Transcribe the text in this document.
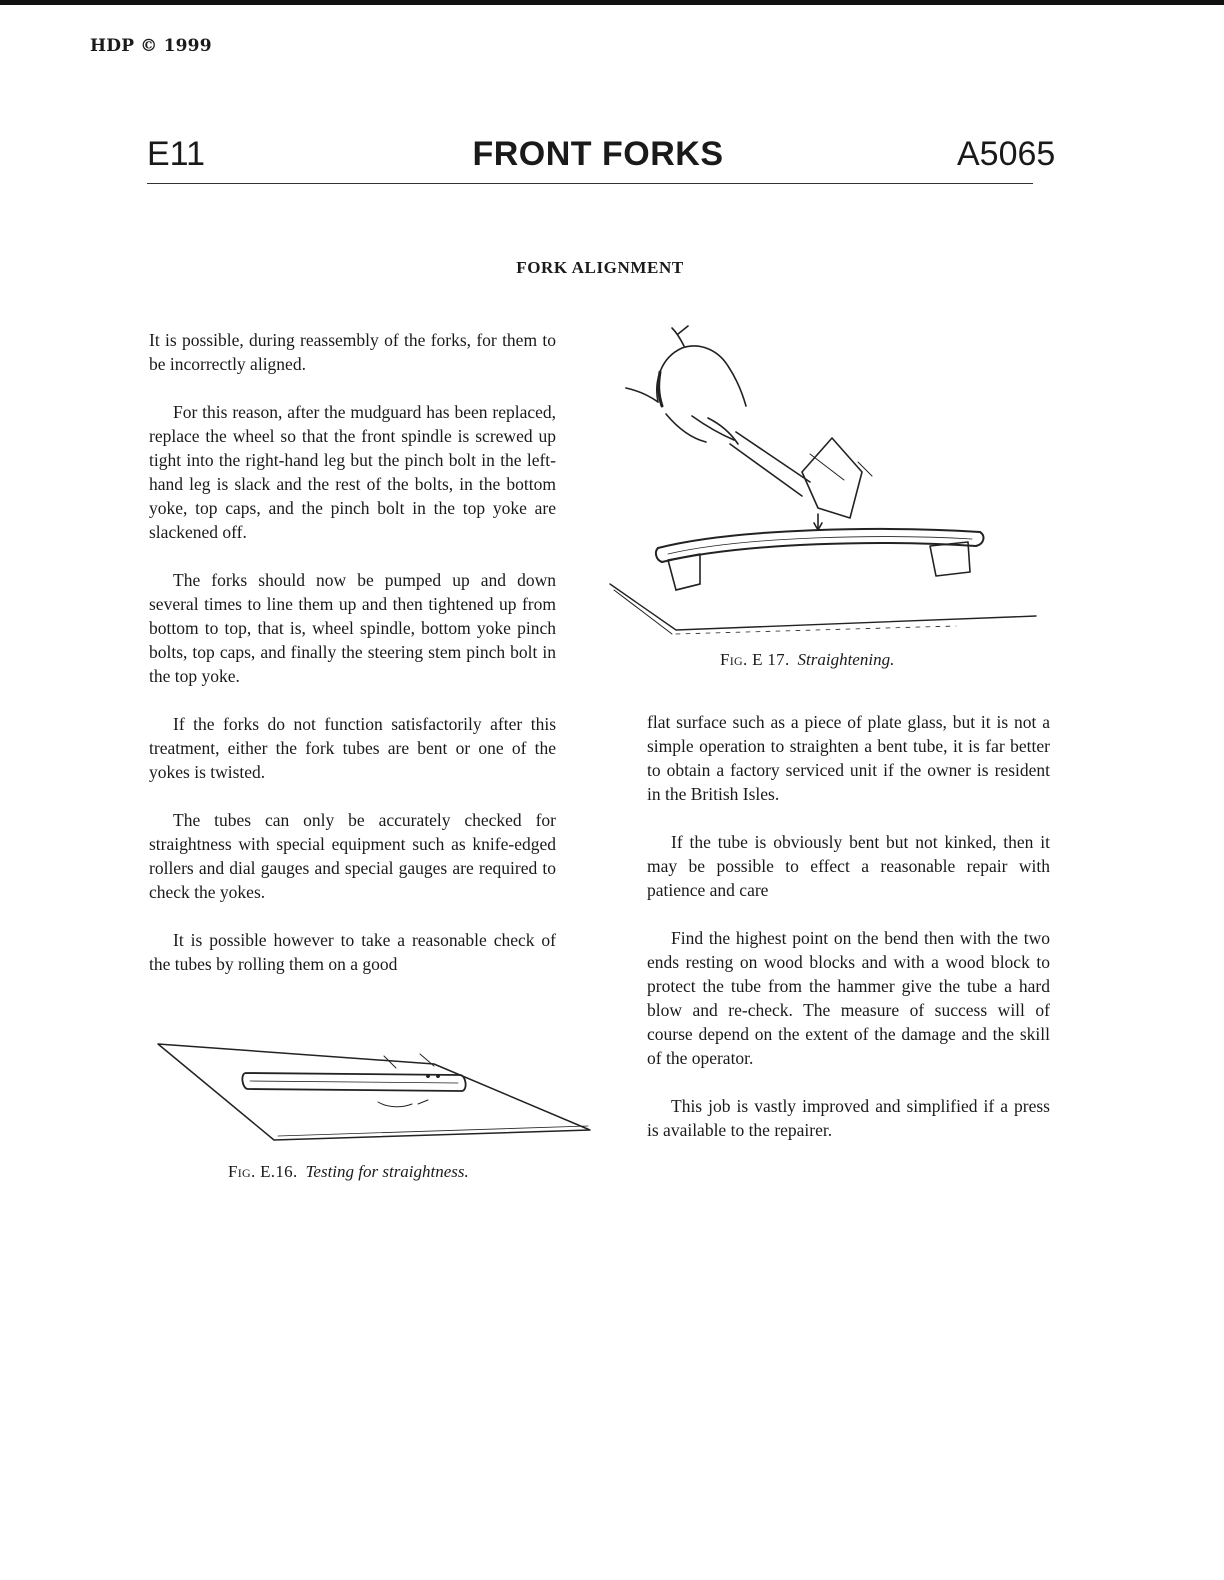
HDP © 1999
E11	FRONT FORKS	A5065
FORK ALIGNMENT

It is possible, during reassembly of the forks, for them to be incorrectly aligned.

For this reason, after the mudguard has been replaced, replace the wheel so that the front spindle is screwed up tight into the right-hand leg but the pinch bolt in the left-hand leg is slack and the rest of the bolts, in the bottom yoke, top caps, and the pinch bolt in the top yoke are slackened off.

The forks should now be pumped up and down several times to line them up and then tightened up from bottom to top, that is, wheel spindle, bottom yoke pinch bolts, top caps, and finally the steering stem pinch bolt in the top yoke.

If the forks do not function satisfactorily after this treatment, either the fork tubes are bent or one of the yokes is twisted.

The tubes can only be accurately checked for straightness with special equipment such as knife-edged rollers and dial gauges and special gauges are required to check the yokes.

It is possible however to take a reasonable check of the tubes by rolling them on a good

flat surface such as a piece of plate glass, but it is not a simple operation to straighten a bent tube, it is far better to obtain a factory serviced unit if the owner is resident in the British Isles.

If the tube is obviously bent but not kinked, then it may be possible to effect a reasonable repair with patience and care

Find the highest point on the bend then with the two ends resting on wood blocks and with a wood block to protect the tube from the hammer give the tube a hard blow and re-check. The measure of success will of course depend on the extent of the damage and the skill of the operator.

This job is vastly improved and simplified if a press is available to the repairer.

Fig. E 17. Straightening.
Fig. E.16. Testing for straightness.
